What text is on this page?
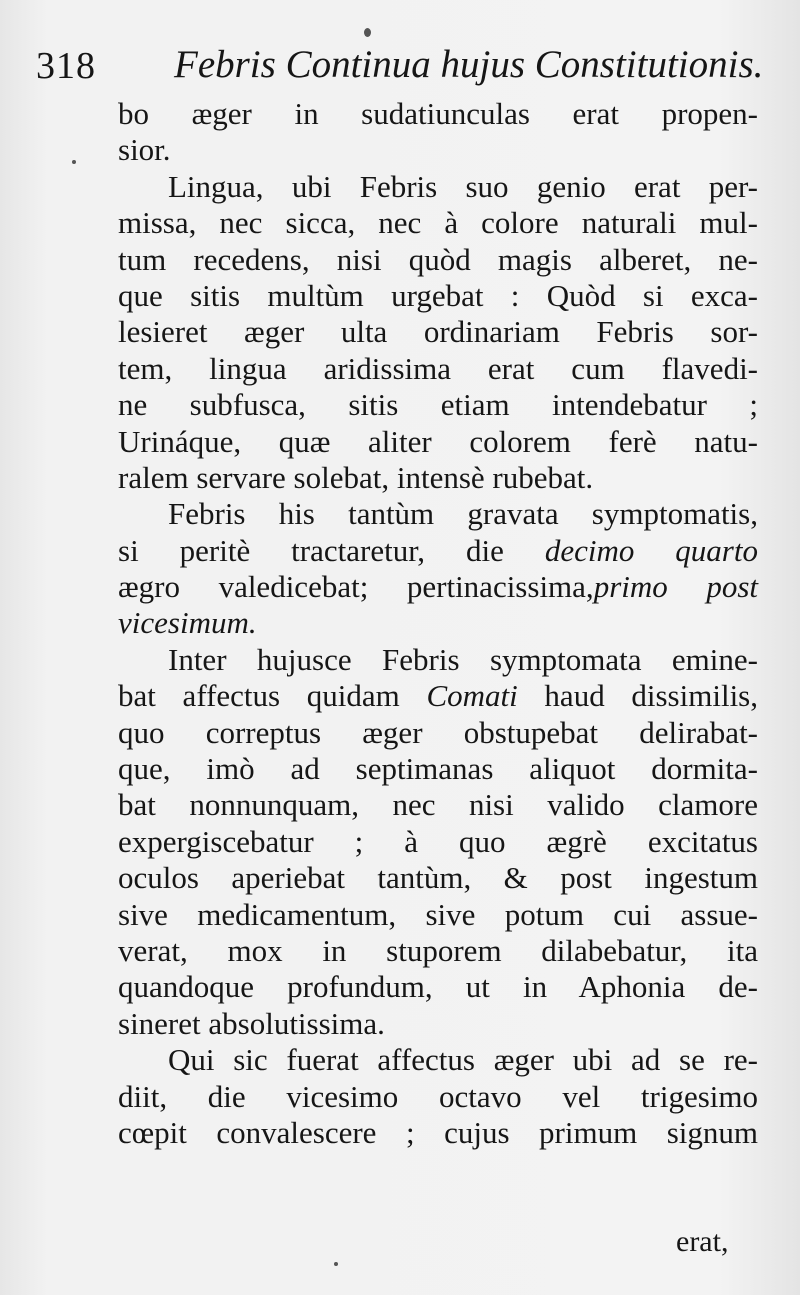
318 Febris Continua hujus Constitutionis.
bo æger in sudatiunculas erat propen-
sior.
Lingua, ubi Febris suo genio erat per-
missa, nec sicca, nec à colore naturali mul-
tum recedens, nisi quòd magis alberet, ne-
que sitis multùm urgebat : Quòd si exca-
lesieret æger ulta ordinariam Febris sor-
tem, lingua aridissima erat cum flavedi-
ne subfusca, sitis etiam intendebatur ;
Urináque, quæ aliter colorem ferè natu-
ralem servare solebat, intensè rubebat.
Febris his tantùm gravata symptomatis,
si peritè tractaretur, die decimo quarto
ægro valedicebat; pertinacissima,primo post
vicesimum.
Inter hujusce Febris symptomata emine-
bat affectus quidam Comati haud dissimilis,
quo correptus æger obstupebat delirabat-
que, imò ad septimanas aliquot dormita-
bat nonnunquam, nec nisi valido clamore
expergiscebatur ; à quo ægrè excitatus
oculos aperiebat tantùm, & post ingestum
sive medicamentum, sive potum cui assue-
verat, mox in stuporem dilabebatur, ita
quandoque profundum, ut in Aphonia de-
sineret absolutissima.
Qui sic fuerat affectus æger ubi ad se re-
diit, die vicesimo octavo vel trigesimo
cœpit convalescere ; cujus primum signum
erat,
